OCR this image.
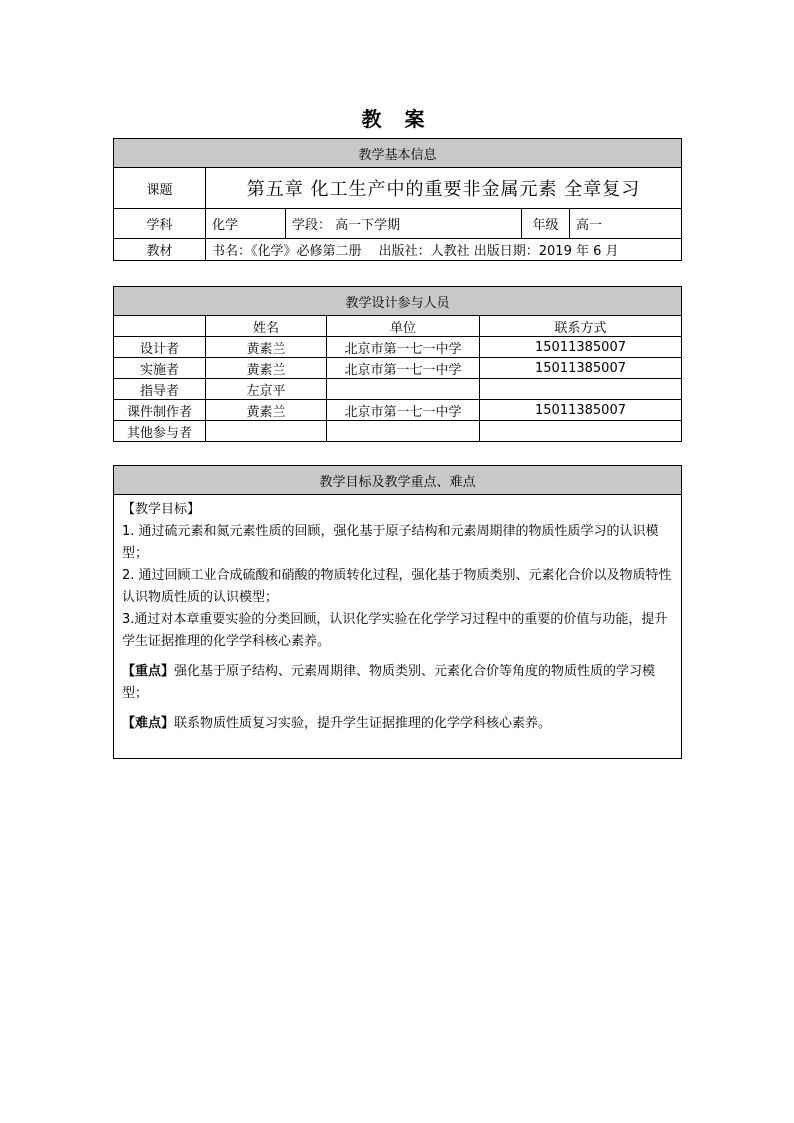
教 案
教学基本信息				
课题	第五章 化工生产中的重要非金属元素 全章复习			
学科	化学	学段： 高一下学期	年级	高一
教材	书名：《化学》必修第二册　 出版社：人教社 出版日期：2019 年 6 月			
教学设计参与人员			
	姓名	单位	联系方式
设计者	黄素兰	北京市第一七一中学	15011385007
实施者	黄素兰	北京市第一七一中学	15011385007
指导者	左京平		
课件制作者	黄素兰	北京市第一七一中学	15011385007
其他参与者			
教学目标及教学重点、难点

【教学目标】

1. 通过硫元素和氮元素性质的回顾，强化基于原子结构和元素周期律的物质性质学习的认识模型；

2. 通过回顾工业合成硫酸和硝酸的物质转化过程，强化基于物质类别、元素化合价以及物质特性认识物质性质的认识模型；

3.通过对本章重要实验的分类回顾，认识化学实验在化学学习过程中的重要的价值与功能，提升学生证据推理的化学学科核心素养。

【重点】强化基于原子结构、元素周期律、物质类别、元素化合价等角度的物质性质的学习模型；

【难点】联系物质性质复习实验，提升学生证据推理的化学学科核心素养。
